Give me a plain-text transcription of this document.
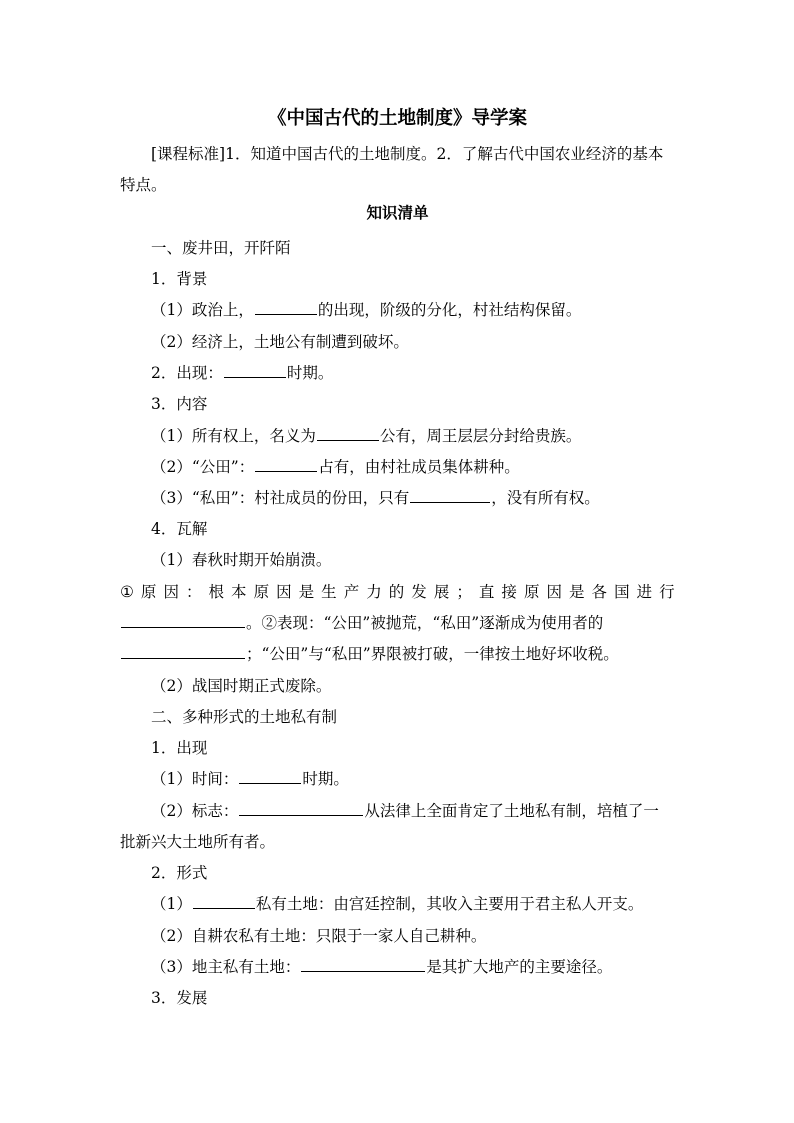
《中国古代的土地制度》导学案

[课程标准]1．知道中国古代的土地制度。2．了解古代中国农业经济的基本

特点。

知识清单

一、废井田，开阡陌

1．背景

（1）政治上，	的出现，阶级的分化，村社结构保留。

（2）经济上，土地公有制遭到破坏。

2．出现：	时期。

3．内容

（1）所有权上，名义为	公有，周王层层分封给贵族。

（2）“公田”：	占有，由村社成员集体耕种。

（3）“私田”：村社成员的份田，只有	，没有所有权。

4．瓦解

（1）春秋时期开始崩溃。

① 原 因 ： 根 本 原 因 是 生 产 力 的 发 展 ； 直 接 原 因 是 各 国 进 行

。②表现：“公田”被抛荒，“私田”逐渐成为使用者的

；“公田”与“私田”界限被打破，一律按土地好坏收税。

（2）战国时期正式废除。

二、多种形式的土地私有制

1．出现

（1）时间：	时期。

（2）标志：	从法律上全面肯定了土地私有制，培植了一

批新兴大土地所有者。

2．形式

（1）	私有土地：由宫廷控制，其收入主要用于君主私人开支。

（2）自耕农私有土地：只限于一家人自己耕种。

（3）地主私有土地：	是其扩大地产的主要途径。

3．发展
